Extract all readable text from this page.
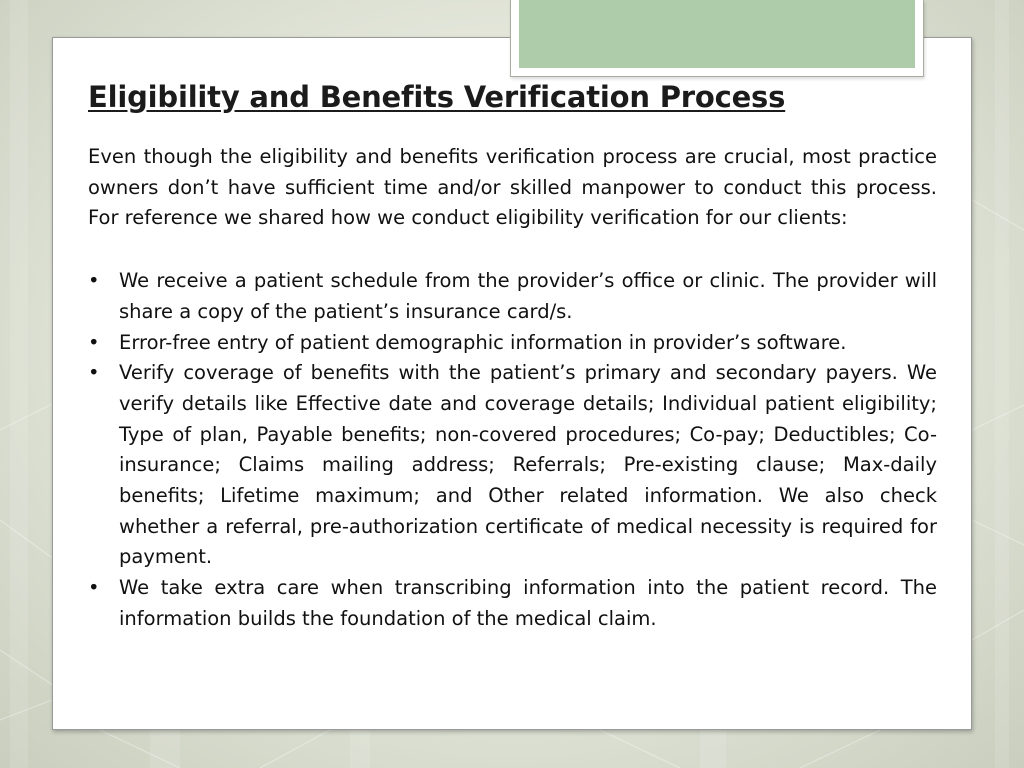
Eligibility and Benefits Verification Process

Even though the eligibility and benefits verification process are crucial, most practice owners don’t have sufficient time and/or skilled manpower to conduct this process. For reference we shared how we conduct eligibility verification for our clients:

• We receive a patient schedule from the provider’s office or clinic. The provider will share a copy of the patient’s insurance card/s.
• Error-free entry of patient demographic information in provider’s software.
• Verify coverage of benefits with the patient’s primary and secondary payers. We verify details like Effective date and coverage details; Individual patient eligibility; Type of plan, Payable benefits; non-covered procedures; Co-pay; Deductibles; Co-insurance; Claims mailing address; Referrals; Pre-existing clause; Max-daily benefits; Lifetime maximum; and Other related information. We also check whether a referral, pre-authorization certificate of medical necessity is required for payment.
• We take extra care when transcribing information into the patient record. The information builds the foundation of the medical claim.
